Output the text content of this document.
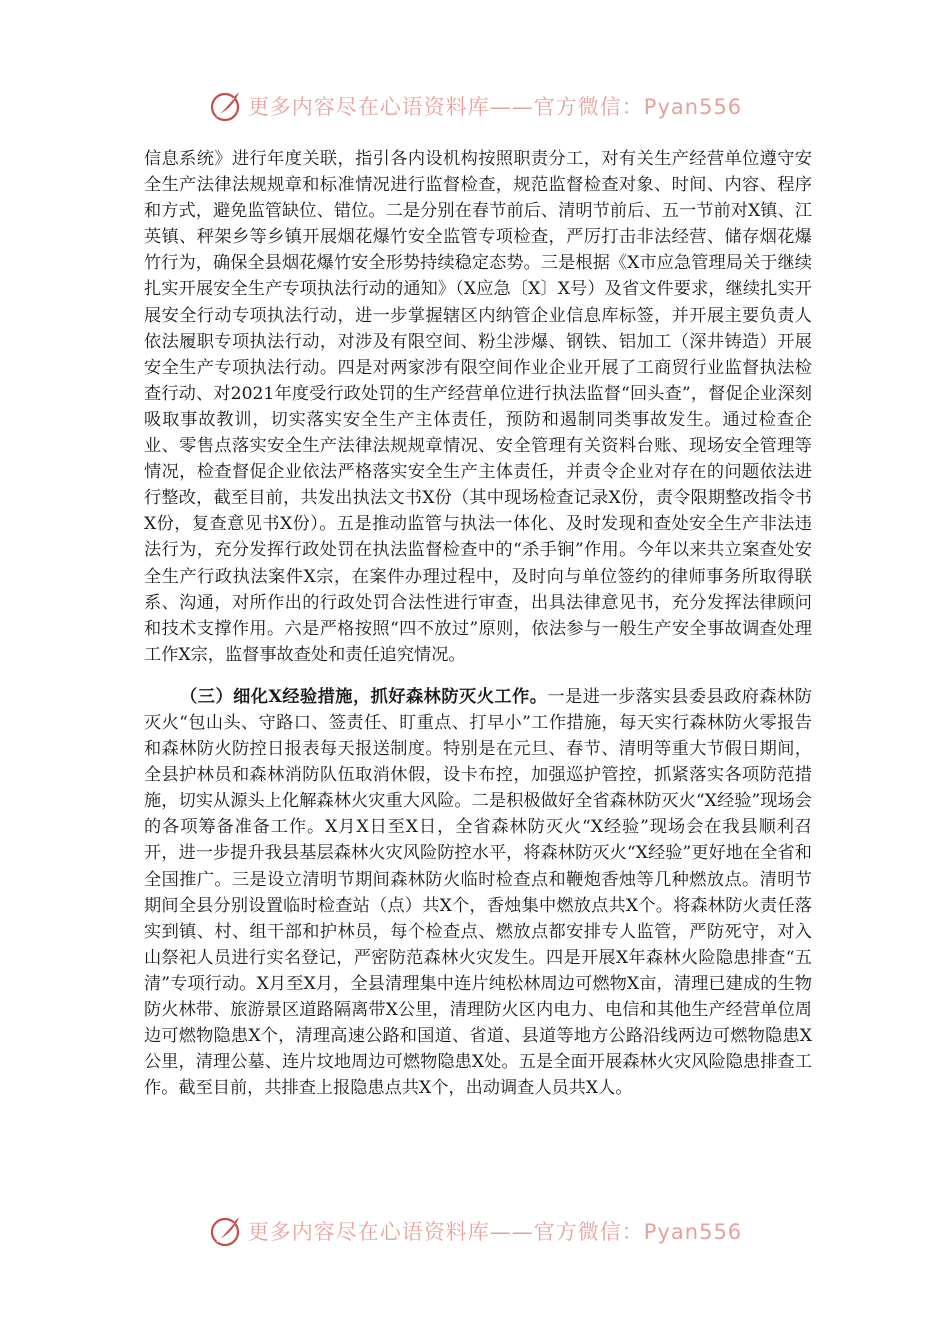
更多内容尽在心语资料库——官方微信：Pyan556

信息系统》进行年度关联，指引各内设机构按照职责分工，对有关生产经营单位遵守安全生产法律法规规章和标准情况进行监督检查，规范监督检查对象、时间、内容、程序和方式，避免监管缺位、错位。二是分别在春节前后、清明节前后、五一节前对X镇、江英镇、秤架乡等乡镇开展烟花爆竹安全监管专项检查，严厉打击非法经营、储存烟花爆竹行为，确保全县烟花爆竹安全形势持续稳定态势。三是根据《X市应急管理局关于继续扎实开展安全生产专项执法行动的通知》（X应急〔X〕X号）及省文件要求，继续扎实开展安全行动专项执法行动，进一步掌握辖区内纳管企业信息库标签，并开展主要负责人依法履职专项执法行动，对涉及有限空间、粉尘涉爆、钢铁、铝加工（深井铸造）开展安全生产专项执法行动。四是对两家涉有限空间作业企业开展了工商贸行业监督执法检查行动、对2021年度受行政处罚的生产经营单位进行执法监督“回头查”，督促企业深刻吸取事故教训，切实落实安全生产主体责任，预防和遏制同类事故发生。通过检查企业、零售点落实安全生产法律法规规章情况、安全管理有关资料台账、现场安全管理等情况，检查督促企业依法严格落实安全生产主体责任，并责令企业对存在的问题依法进行整改，截至目前，共发出执法文书X份（其中现场检查记录X份，责令限期整改指令书X份，复查意见书X份）。五是推动监管与执法一体化、及时发现和查处安全生产非法违法行为，充分发挥行政处罚在执法监督检查中的“杀手锏”作用。今年以来共立案查处安全生产行政执法案件X宗，在案件办理过程中，及时向与单位签约的律师事务所取得联系、沟通，对所作出的行政处罚合法性进行审查，出具法律意见书，充分发挥法律顾问和技术支撑作用。六是严格按照“四不放过”原则，依法参与一般生产安全事故调查处理工作X宗，监督事故查处和责任追究情况。

（三）细化X经验措施，抓好森林防灭火工作。一是进一步落实县委县政府森林防灭火“包山头、守路口、签责任、盯重点、打早小”工作措施，每天实行森林防火零报告和森林防火防控日报表每天报送制度。特别是在元旦、春节、清明等重大节假日期间，全县护林员和森林消防队伍取消休假，设卡布控，加强巡护管控，抓紧落实各项防范措施，切实从源头上化解森林火灾重大风险。二是积极做好全省森林防灭火“X经验”现场会的各项筹备准备工作。X月X日至X日，全省森林防灭火“X经验”现场会在我县顺利召开，进一步提升我县基层森林火灾风险防控水平，将森林防灭火“X经验”更好地在全省和全国推广。三是设立清明节期间森林防火临时检查点和鞭炮香烛等几种燃放点。清明节期间全县分别设置临时检查站（点）共X个，香烛集中燃放点共X个。将森林防火责任落实到镇、村、组干部和护林员，每个检查点、燃放点都安排专人监管，严防死守，对入山祭祀人员进行实名登记，严密防范森林火灾发生。四是开展X年森林火险隐患排查“五清”专项行动。X月至X月，全县清理集中连片纯松林周边可燃物X亩，清理已建成的生物防火林带、旅游景区道路隔离带X公里，清理防火区内电力、电信和其他生产经营单位周边可燃物隐患X个，清理高速公路和国道、省道、县道等地方公路沿线两边可燃物隐患X公里，清理公墓、连片坟地周边可燃物隐患X处。五是全面开展森林火灾风险隐患排查工作。截至目前，共排查上报隐患点共X个，出动调查人员共X人。

更多内容尽在心语资料库——官方微信：Pyan556
